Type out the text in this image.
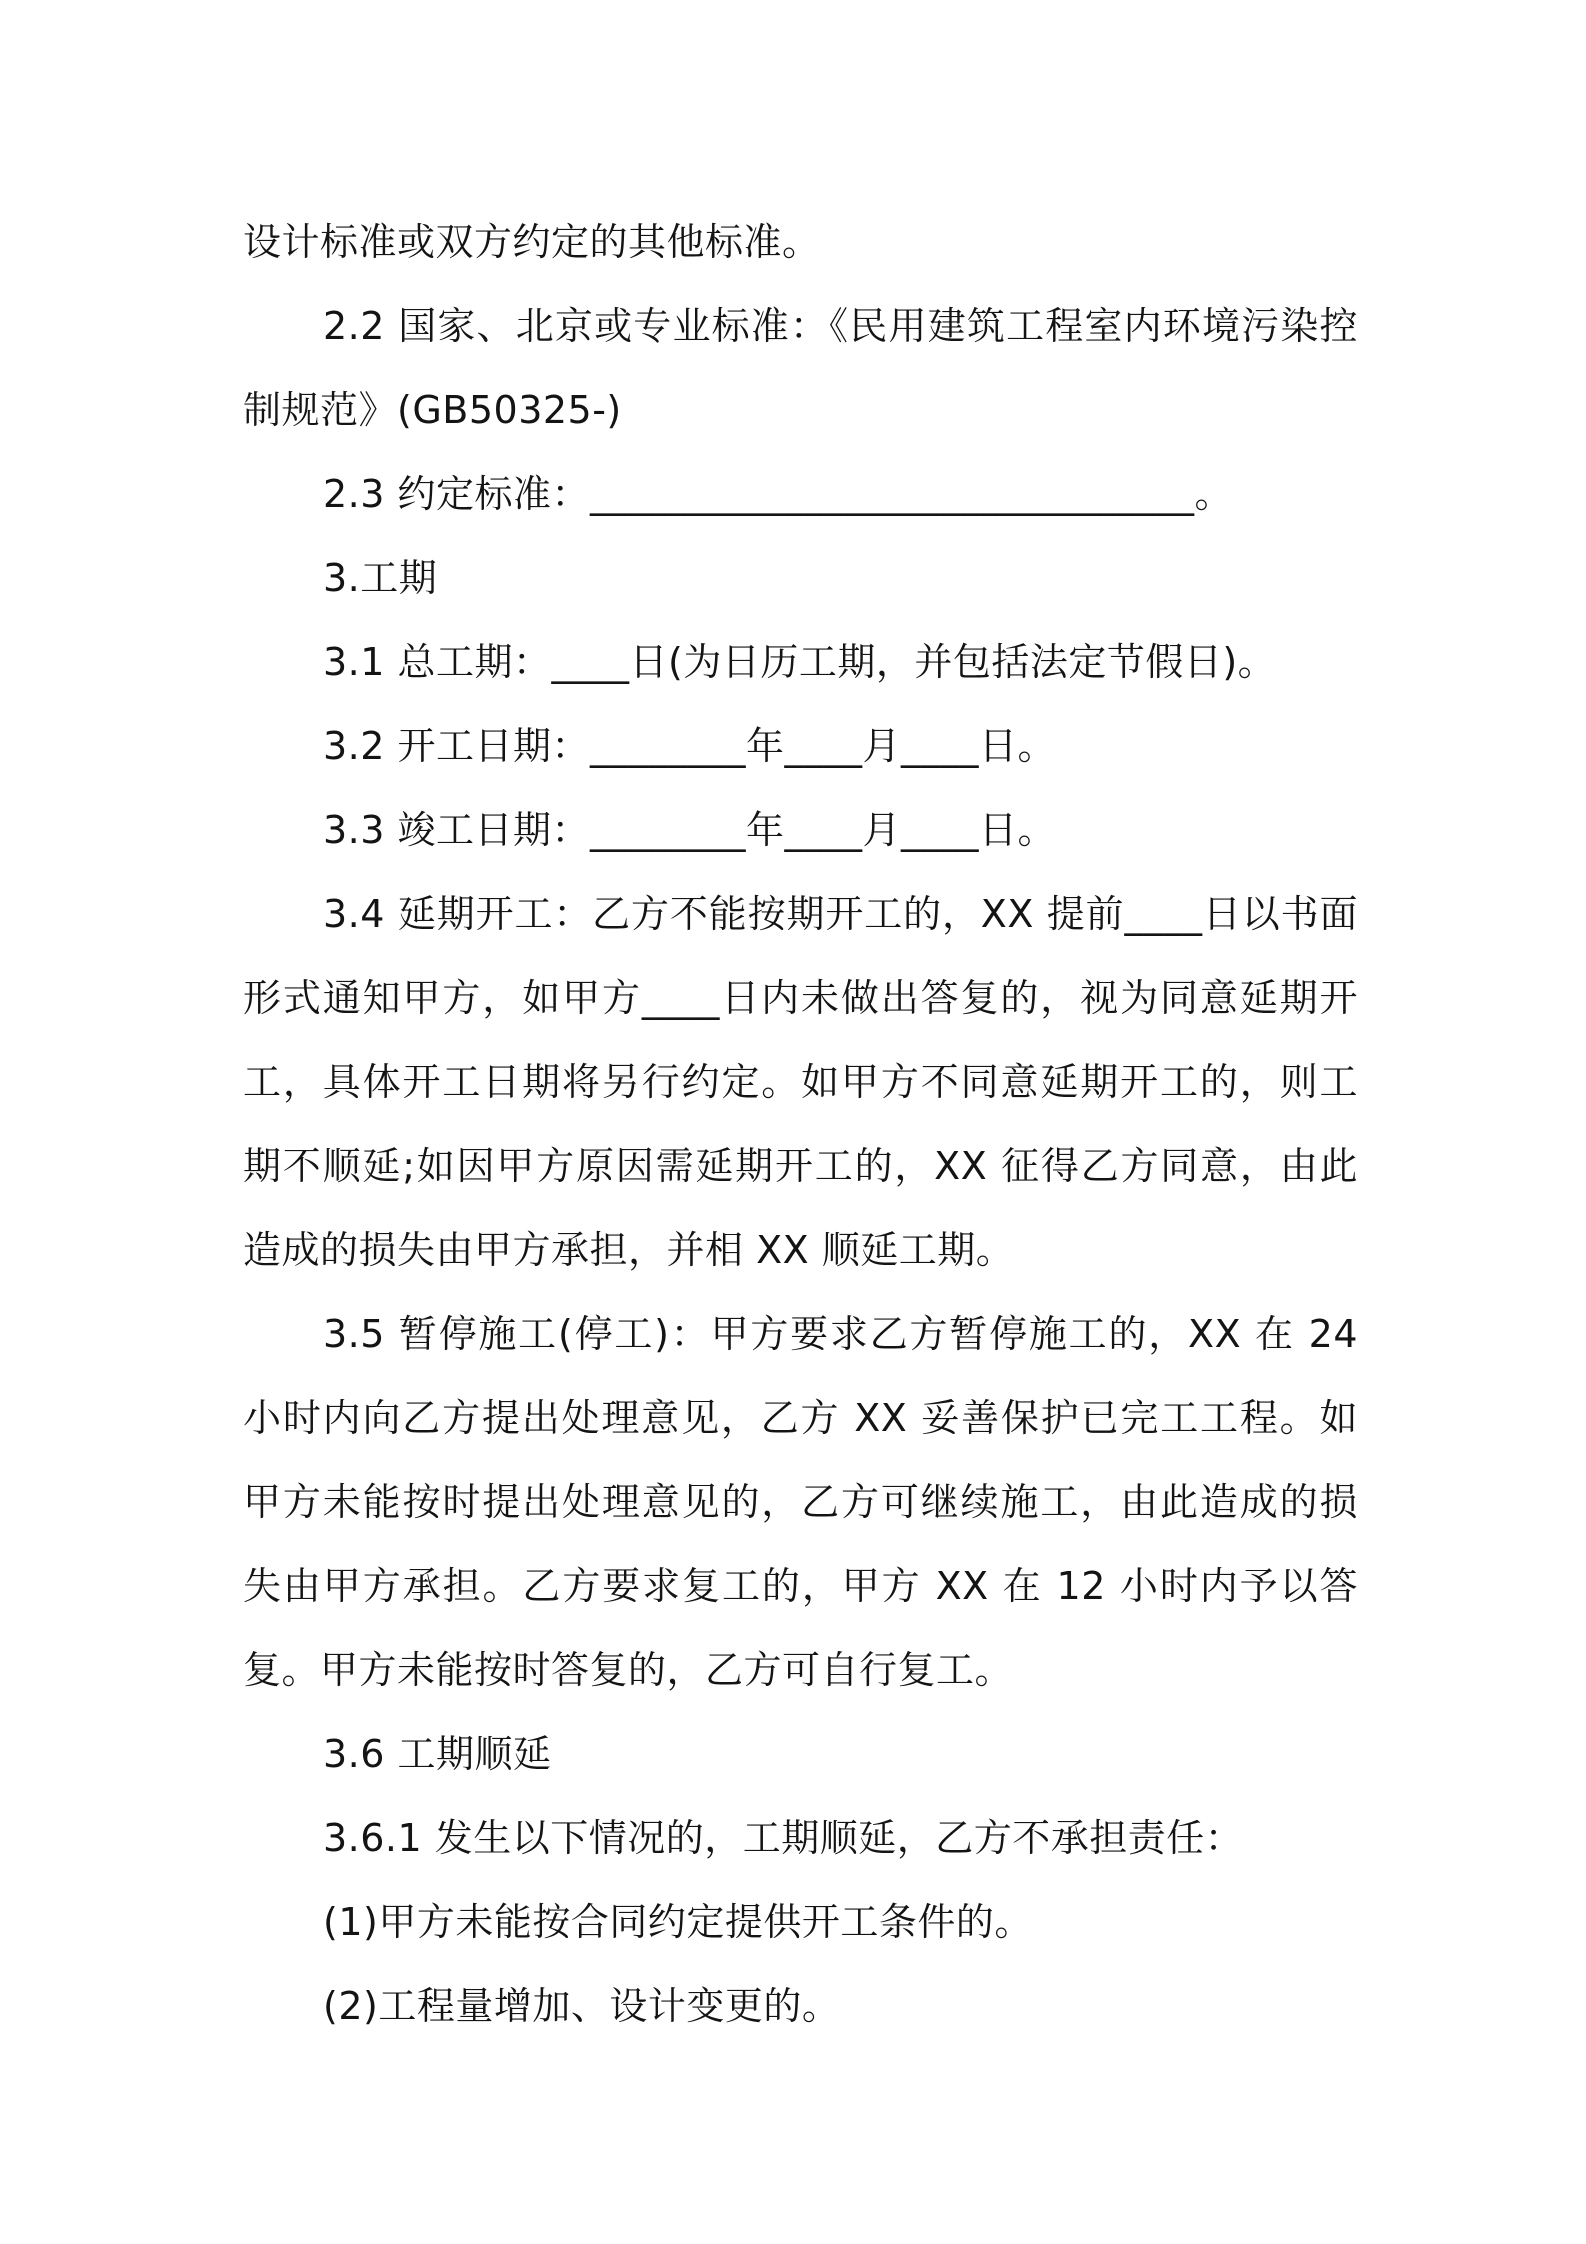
设计标准或双方约定的其他标准。

2.2 国家、北京或专业标准：《民用建筑工程室内环境污染控制规范》(GB50325-)

2.3 约定标准：_______________________________。

3.工期

3.1 总工期：____日(为日历工期，并包括法定节假日)。

3.2 开工日期：________年____月____日。

3.3 竣工日期：________年____月____日。

3.4 延期开工：乙方不能按期开工的，XX 提前____日以书面形式通知甲方，如甲方____日内未做出答复的，视为同意延期开工，具体开工日期将另行约定。如甲方不同意延期开工的，则工期不顺延;如因甲方原因需延期开工的，XX 征得乙方同意，由此造成的损失由甲方承担，并相 XX 顺延工期。

3.5 暂停施工(停工)：甲方要求乙方暂停施工的，XX 在 24 小时内向乙方提出处理意见，乙方 XX 妥善保护已完工工程。如甲方未能按时提出处理意见的，乙方可继续施工，由此造成的损失由甲方承担。乙方要求复工的，甲方 XX 在 12 小时内予以答复。甲方未能按时答复的，乙方可自行复工。

3.6 工期顺延

3.6.1 发生以下情况的，工期顺延，乙方不承担责任：

(1)甲方未能按合同约定提供开工条件的。

(2)工程量增加、设计变更的。
